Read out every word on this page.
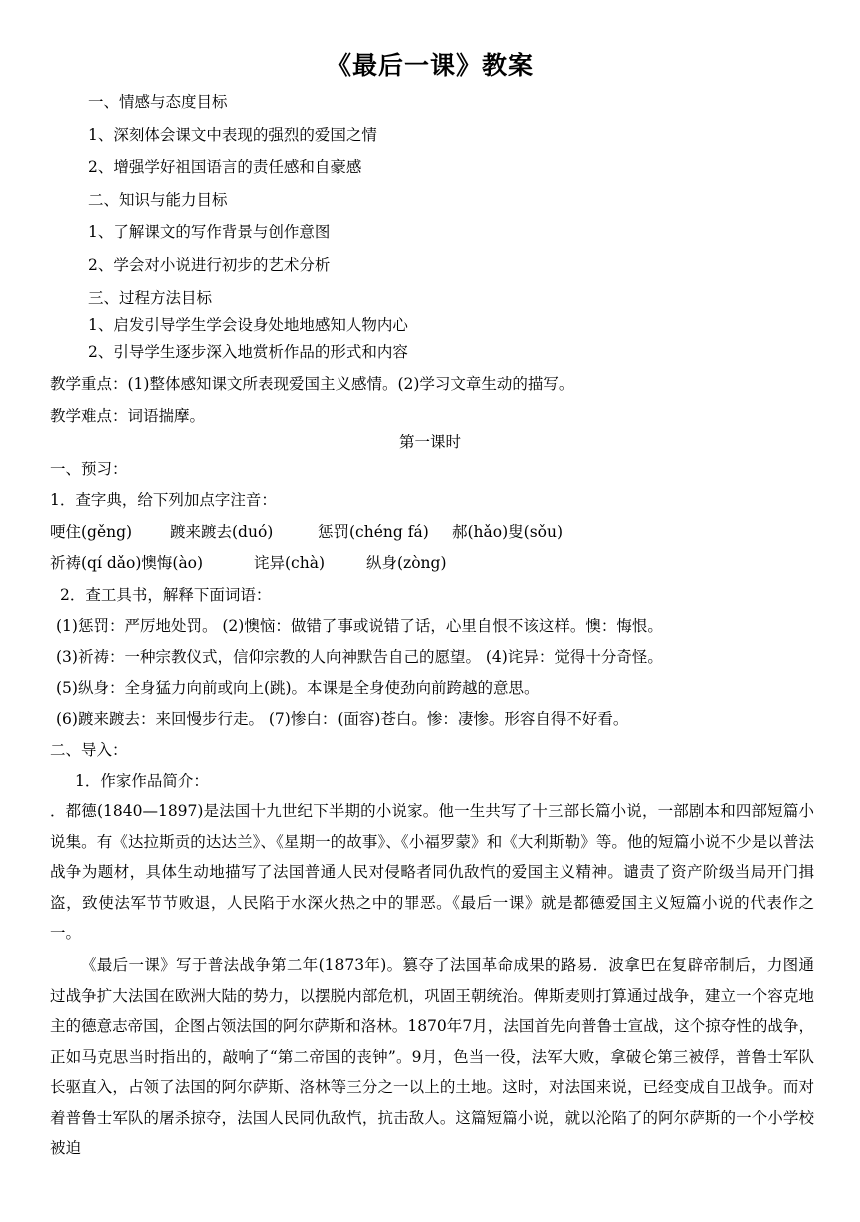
《最后一课》教案
一、情感与态度目标
1、深刻体会课文中表现的强烈的爱国之情
2、增强学好祖国语言的责任感和自豪感
二、知识与能力目标
1、了解课文的写作背景与创作意图
2、学会对小说进行初步的艺术分析
三、过程方法目标
1、启发引导学生学会设身处地地感知人物内心
2、引导学生逐步深入地赏析作品的形式和内容
教学重点：(1)整体感知课文所表现爱国主义感情。(2)学习文章生动的描写。
教学难点：词语揣摩。
第一课时
一、预习：
1．查字典，给下列加点字注音：
哽住(gěng) 踱来踱去(duó)	惩罚(chéng fá) 郝(hǎo)叟(sǒu)
祈祷(qí dǎo)懊悔(ào)	诧异(chà)	纵身(zòng)
2．查工具书，解释下面词语：
(1)惩罚：严厉地处罚。 (2)懊恼：做错了事或说错了话，心里自恨不该这样。懊：悔恨。
(3)祈祷：一种宗教仪式，信仰宗教的人向神默告自己的愿望。 (4)诧异：觉得十分奇怪。
(5)纵身：全身猛力向前或向上(跳)。本课是全身使劲向前跨越的意思。
(6)踱来踱去：来回慢步行走。 (7)惨白：(面容)苍白。惨：凄惨。形容自得不好看。
二、导入：
1．作家作品简介：

．都德(1840—1897)是法国十九世纪下半期的小说家。他一生共写了十三部长篇小说，一部剧本和四部短篇小说集。有《达拉斯贡的达达兰》、《星期一的故事》、《小福罗蒙》和《大利斯勒》等。他的短篇小说不少是以普法战争为题材，具体生动地描写了法国普通人民对侵略者同仇敌忾的爱国主义精神。谴责了资产阶级当局开门揖盗，致使法军节节败退，人民陷于水深火热之中的罪恶。《最后一课》就是都德爱国主义短篇小说的代表作之一。

《最后一课》写于普法战争第二年(1873年)。篡夺了法国革命成果的路易．波拿巴在复辟帝制后，力图通过战争扩大法国在欧洲大陆的势力，以摆脱内部危机，巩固王朝统治。俾斯麦则打算通过战争，建立一个容克地主的德意志帝国，企图占领法国的阿尔萨斯和洛林。1870年7月，法国首先向普鲁士宣战，这个掠夺性的战争，正如马克思当时指出的，敲响了“第二帝国的丧钟”。9月，色当一役，法军大败，拿破仑第三被俘，普鲁士军队长驱直入，占领了法国的阿尔萨斯、洛林等三分之一以上的土地。这时，对法国来说，已经变成自卫战争。而对着普鲁士军队的屠杀掠夺，法国人民同仇敌忾，抗击敌人。这篇短篇小说，就以沦陷了的阿尔萨斯的一个小学校被迫
